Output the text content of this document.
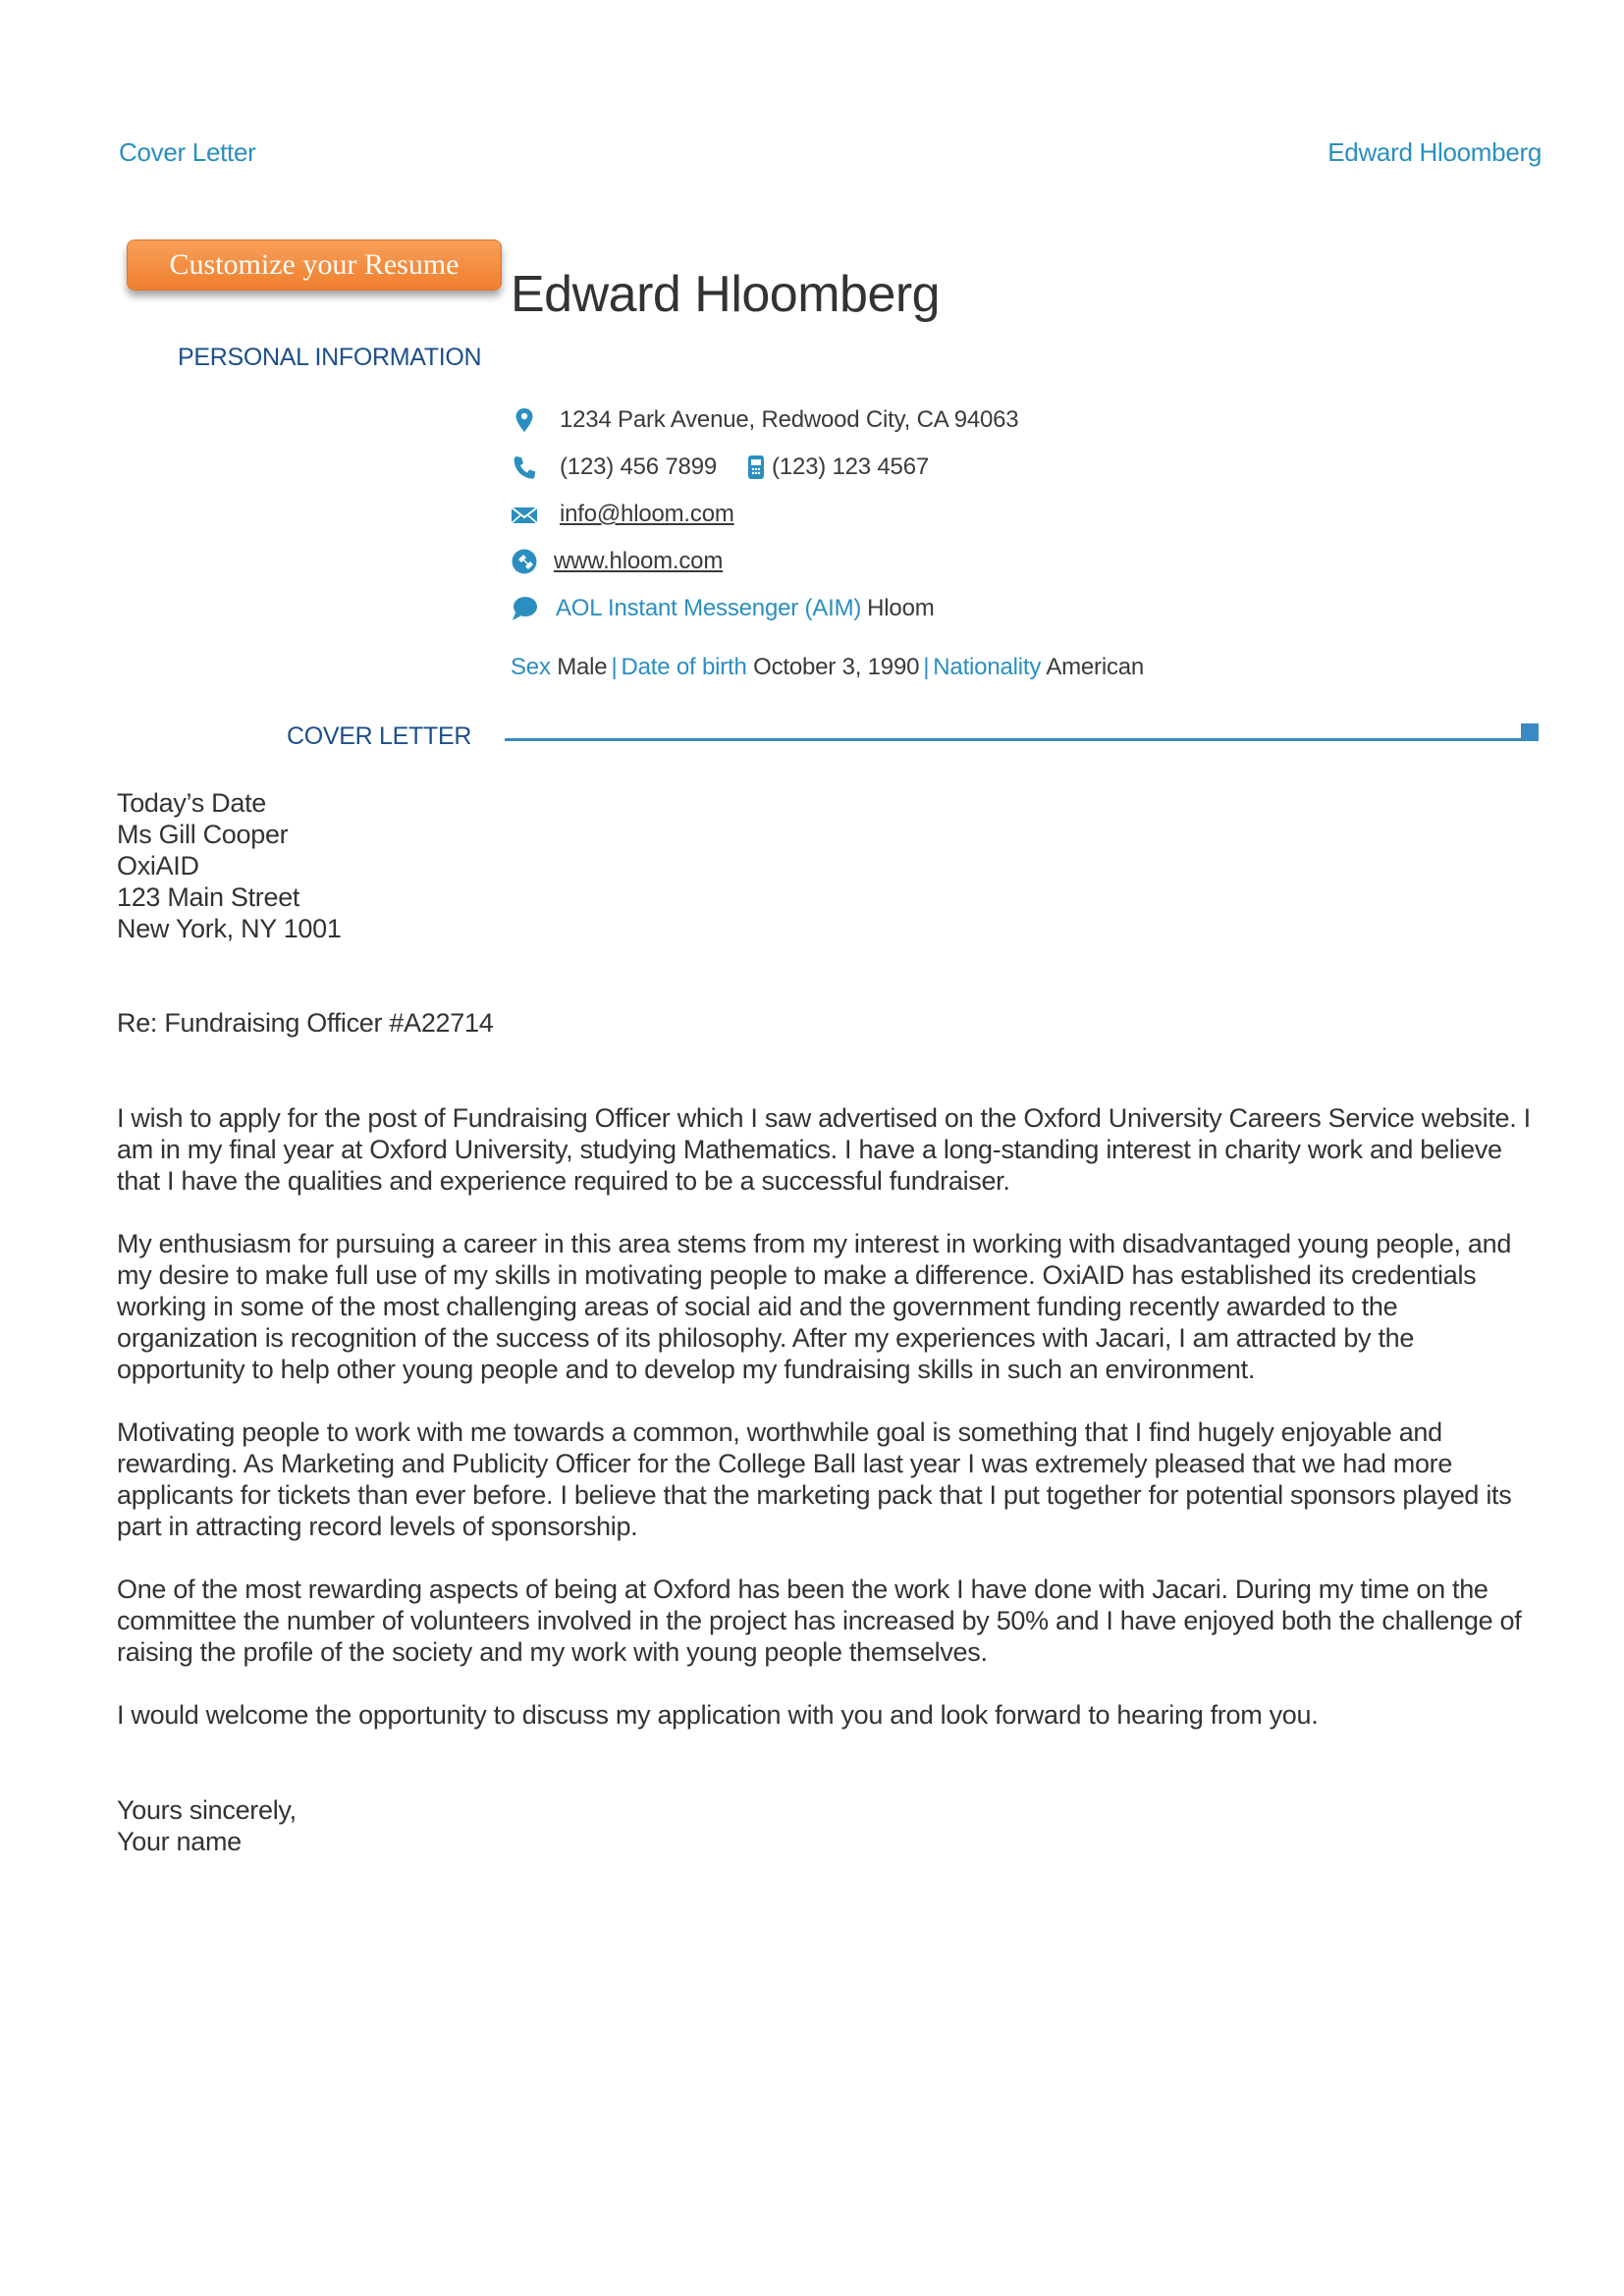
Cover Letter	Edward Hloomberg
Customize your Resume
Edward Hloomberg
PERSONAL INFORMATION
1234 Park Avenue, Redwood City, CA 94063
(123) 456 7899 (123) 123 4567
info@hloom.com
www.hloom.com
AOL Instant Messenger (AIM) Hloom
Sex Male | Date of birth October 3, 1990 | Nationality American
COVER LETTER
Today’s Date
Ms Gill Cooper
OxiAID
123 Main Street
New York, NY 1001
Re: Fundraising Officer #A22714

I wish to apply for the post of Fundraising Officer which I saw advertised on the Oxford University Careers Service website. I am in my final year at Oxford University, studying Mathematics. I have a long-standing interest in charity work and believe that I have the qualities and experience required to be a successful fundraiser.

My enthusiasm for pursuing a career in this area stems from my interest in working with disadvantaged young people, and my desire to make full use of my skills in motivating people to make a difference. OxiAID has established its credentials working in some of the most challenging areas of social aid and the government funding recently awarded to the organization is recognition of the success of its philosophy. After my experiences with Jacari, I am attracted by the opportunity to help other young people and to develop my fundraising skills in such an environment.

Motivating people to work with me towards a common, worthwhile goal is something that I find hugely enjoyable and rewarding. As Marketing and Publicity Officer for the College Ball last year I was extremely pleased that we had more applicants for tickets than ever before. I believe that the marketing pack that I put together for potential sponsors played its part in attracting record levels of sponsorship.

One of the most rewarding aspects of being at Oxford has been the work I have done with Jacari. During my time on the committee the number of volunteers involved in the project has increased by 50% and I have enjoyed both the challenge of raising the profile of the society and my work with young people themselves.

I would welcome the opportunity to discuss my application with you and look forward to hearing from you.

Yours sincerely,
Your name
